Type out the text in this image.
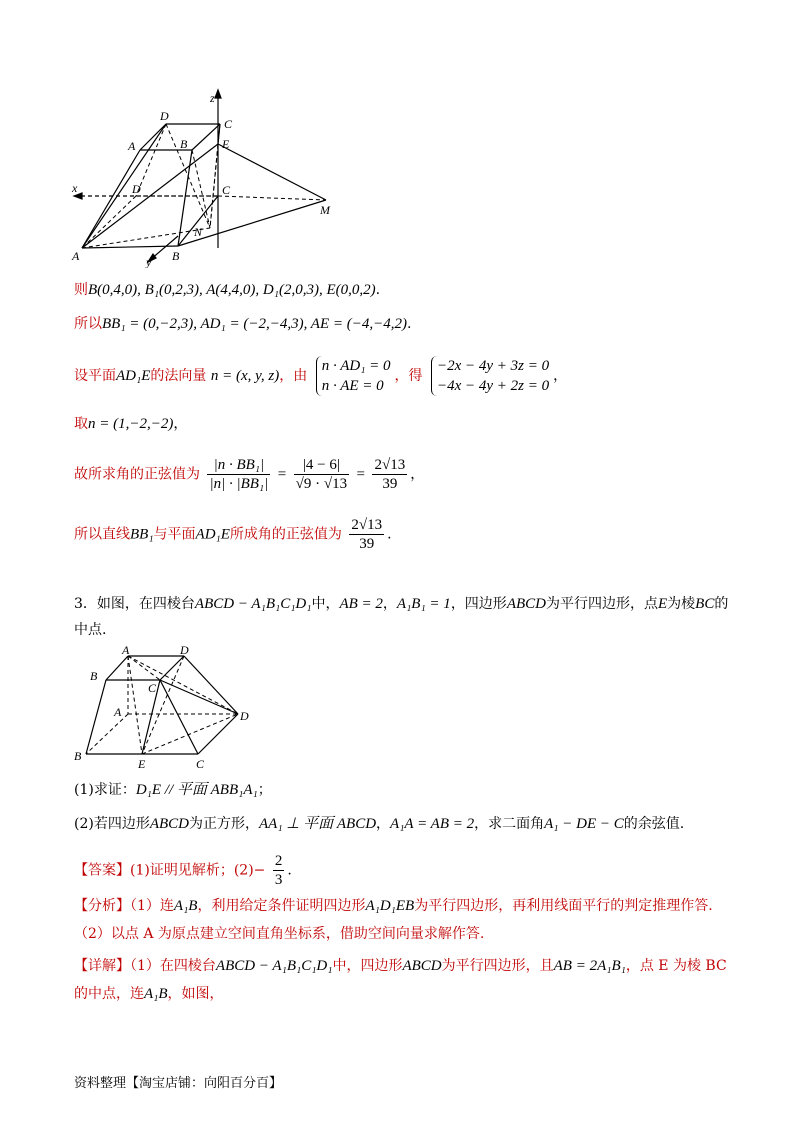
z
x
y
D
C
A	B	E
D	C
M
N
A	B
则B(0,4,0), B₁(0,2,3), A(4,4,0), D₁(2,0,3), E(0,0,2).
所以BB₁ = (0,−2,3), AD₁ = (−2,−4,3), AE = (−4,−4,2).
设平面AD₁E的法向量 n = (x, y, z)，由
n · AD₁ = 0
n · AE = 0
，得
−2x − 4y + 3z = 0
−4x − 4y + 2z = 0
，
取n = (1,−2,−2)，
故所求角的正弦值为 $\frac{\text{|n · BB₁|}}{\text{|n| · |BB₁|}} = \frac{|4 - 6|}{√9 \cdot √13} = \frac{2√13}{39}$ ，
所以直线BB₁与平面AD₁E所成角的正弦值为 $\frac{2√13}{39}$ .
3．如图，在四棱台ABCD − A₁B₁C₁D₁中，AB = 2，A₁B₁ = 1，四边形ABCD为平行四边形，点E为棱BC的
中点.
A	D
B
C
A	D
B
E	C
(1)求证：D₁E // 平面 ABB₁A₁；
(2)若四边形ABCD为正方形，AA₁ ⊥ 平面 ABCD，A₁A = AB = 2，求二面角A₁ − DE − C的余弦值.
【答案】(1)证明见解析；$(2)- \frac{2}{3}$ .
【分析】（1）连A₁B，利用给定条件证明四边形A₁D₁EB为平行四边形，再利用线面平行的判定推理作答.
（2）以点 A 为原点建立空间直角坐标系，借助空间向量求解作答.
【详解】（1）在四棱台ABCD − A₁B₁C₁D₁中，四边形ABCD为平行四边形，且AB = 2A₁B₁，点 E 为棱 BC
的中点，连A₁B，如图，
资料整理【淘宝店铺：向阳百分百】
